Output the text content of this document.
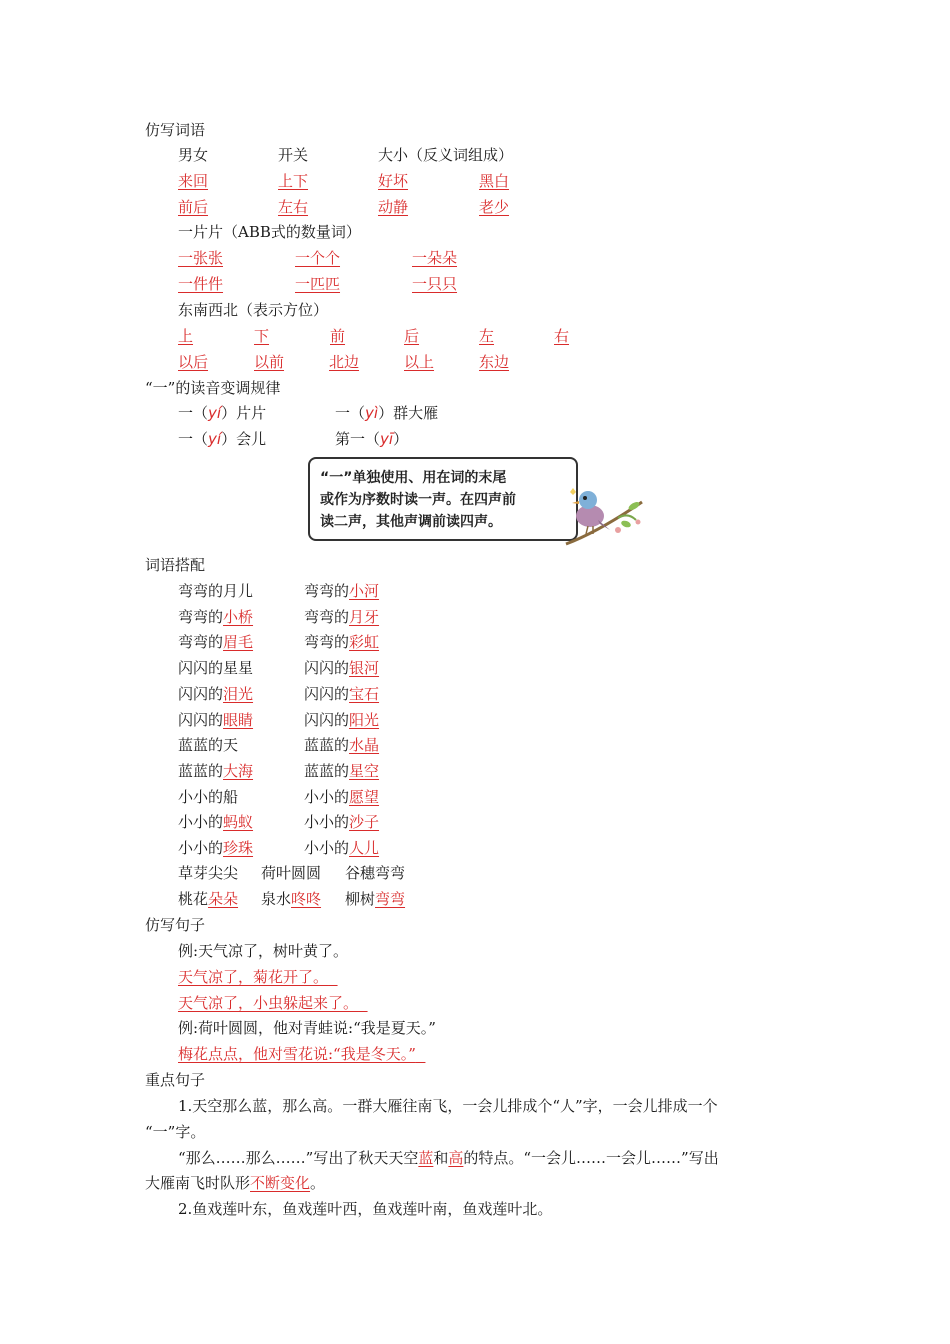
仿写词语
男女	开关	大小（反义词组成）
来回	上下	好坏	黑白
前后	左右	动静	老少
一片片（ABB式的数量词）
一张张	一个个	一朵朵
一件件	一匹匹	一只只
东南西北（表示方位）
上	下	前	后	左	右
以后	以前	北边	以上	东边
“一”的读音变调规律
一（yí）片片	一（yì）群大雁
一（yí）会儿	第一（yī）
“一”单独使用、用在词的末尾
或作为序数时读一声。在四声前
读二声，其他声调前读四声。
词语搭配
弯弯的月儿	弯弯的小河
弯弯的小桥	弯弯的月牙
弯弯的眉毛	弯弯的彩虹
闪闪的星星	闪闪的银河
闪闪的泪光	闪闪的宝石
闪闪的眼睛	闪闪的阳光
蓝蓝的天	蓝蓝的水晶
蓝蓝的大海	蓝蓝的星空
小小的船	小小的愿望
小小的蚂蚁	小小的沙子
小小的珍珠	小小的人儿
草芽尖尖 荷叶圆圆 谷穗弯弯
桃花朵朵 泉水咚咚 柳树弯弯
仿写句子
例:天气凉了，树叶黄了。
天气凉了，菊花开了。
天气凉了，小虫躲起来了。
例:荷叶圆圆，他对青蛙说:“我是夏天。”
梅花点点，他对雪花说:“我是冬天。”
重点句子
1.天空那么蓝，那么高。一群大雁往南飞，一会儿排成个“人”字，一会儿排成一个
“一”字。
“那么……那么……”写出了秋天天空蓝和高的特点。“一会儿……一会儿……”写出
大雁南飞时队形不断变化。
2.鱼戏莲叶东，鱼戏莲叶西，鱼戏莲叶南，鱼戏莲叶北。
